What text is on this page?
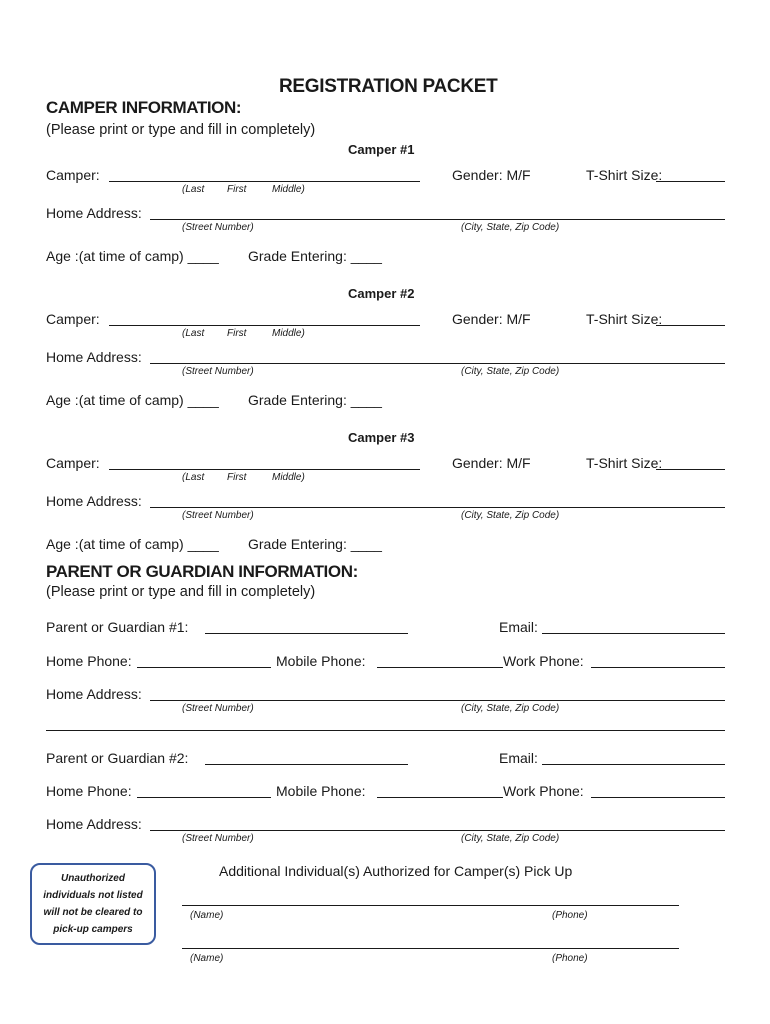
REGISTRATION PACKET
CAMPER INFORMATION:
(Please print or type and fill in completely)
Camper #1
Camper:	Gender: M/F	T-Shirt Size:
(Last First	Middle)
Home Address:
(Street Number)	(City, State, Zip Code)
Age :(at time of camp) ____ Grade Entering: ____
Camper #2
Camper:	Gender: M/F	T-Shirt Size:
(Last First	Middle)
Home Address:
(Street Number)	(City, State, Zip Code)
Age :(at time of camp) ____ Grade Entering: ____
Camper #3
Camper:	Gender: M/F	T-Shirt Size:
(Last First	Middle)
Home Address:
(Street Number)	(City, State, Zip Code)
Age :(at time of camp) ____ Grade Entering: ____
PARENT OR GUARDIAN INFORMATION:
(Please print or type and fill in completely)
Parent or Guardian #1:	Email:
Home Phone:	Mobile Phone:	Work Phone:
Home Address:
(Street Number)	(City, State, Zip Code)
Parent or Guardian #2:	Email:
Home Phone:	Mobile Phone:	Work Phone:
Home Address:
(Street Number)	(City, State, Zip Code)
Unauthorized individuals not listed will not be cleared to pick-up campers
Additional Individual(s) Authorized for Camper(s) Pick Up
(Name)	(Phone)
(Name)	(Phone)
